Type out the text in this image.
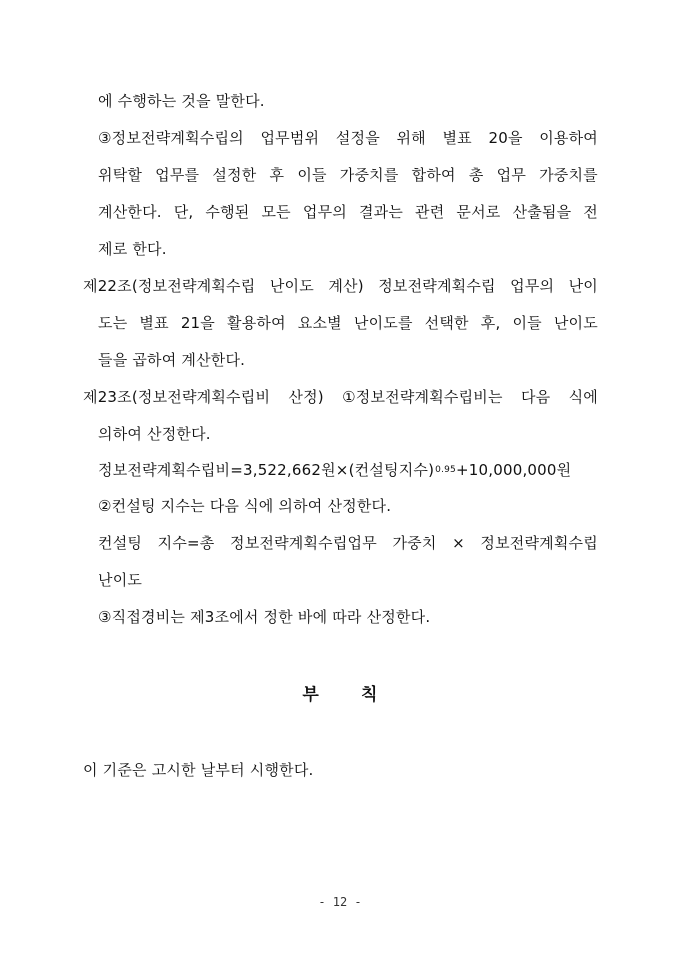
에 수행하는 것을 말한다.
③정보전략계획수립의 업무범위 설정을 위해 별표 20을 이용하여
위탁할 업무를 설정한 후 이들 가중치를 합하여 총 업무 가중치를
계산한다. 단, 수행된 모든 업무의 결과는 관련 문서로 산출됨을 전
제로 한다.
제22조(정보전략계획수립 난이도 계산) 정보전략계획수립 업무의 난이
도는 별표 21을 활용하여 요소별 난이도를 선택한 후, 이들 난이도
들을 곱하여 계산한다.
제23조(정보전략계획수립비 산정) ①정보전략계획수립비는 다음 식에
의하여 산정한다.
정보전략계획수립비=3,522,662원×(컨설팅지수)$^{0.95}$+10,000,000원
②컨설팅 지수는 다음 식에 의하여 산정한다.
컨설팅 지수=총 정보전략계획수립업무 가중치 × 정보전략계획수립
난이도
③직접경비는 제3조에서 정한 바에 따라 산정한다.
부 칙
이 기준은 고시한 날부터 시행한다.
- 12 -
